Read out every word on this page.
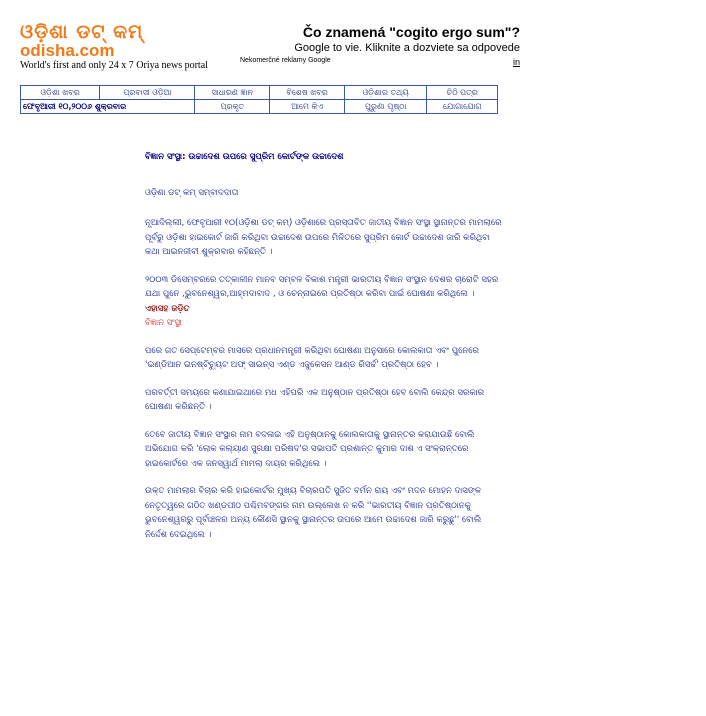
ଓଡ଼ିଶା ଡଟ୍ କମ୍
odisha.com
World's first and only 24 x 7 Oriya news portal
Čo znamená "cogito ergo sum"?
Google to vie. Kliknite a dozviete sa odpovede
Nekomerčné reklamy Google	in
ଓଡ଼ିଶା ଖବର	ପ୍ରବାସୀ ଓଡ଼ିଆ	ସାଧାରଣ ଜ୍ଞାନ	ବିଶେଷ ଖବର	ଓଡ଼ିଶାର ତଥ୍ୟ	ଚିଠି ପତ୍ର
ଫେବୃଆରୀ ୧୦,୨୦୦୬ ଶୁକ୍ରବାର		ପ୍ରକୃତ	ଆମେ କିଏ	ପୁରୁଣା ପୃଷ୍ଠା	ଯୋଗାଯୋଗ

ବିଜ୍ଞାନ ସଂସ୍ଥା: ଉଚ୍ଚାଦେଶ ଉପରେ ସୁପ୍ରିମ କୋର୍ଟଙ୍କ ଉଚ୍ଚାଦେଶ

ଓଡ଼ିଶା ଡଟ୍ କମ୍ ସମ୍ବାଦଦାତା

ନୂଆଦିଲ୍ଲୀ, ଫେବୃଆରୀ ୧୦(ଓଡ଼ିଶା ଡଟ୍ କମ୍) ଓଡ଼ିଶାରେ ପ୍ରସ୍ତାବିତ ଜାତୀୟ ବିଜ୍ଞାନ ସଂସ୍ଥା ସ୍ଥାନାନ୍ତର ମାମଲାରେ ପୂର୍ବରୁ ଓଡ଼ିଶା ହାଇକୋର୍ଟ ଜାରି କରିଥିବା ଉଚ୍ଚାଦେଶ ଉପରେ ମିଳିତରେ ସୁପ୍ରିମ କୋର୍ଟ ଉଚ୍ଚାଦେଶ ଜାରି କରିଥିବା କଥା ଆଇନଜୀବୀ ଶୁକ୍ରବାର କହିଛନ୍ତି ।

୨୦୦୩ ଡିସେମ୍ବରରେ ତତ୍କାଳୀନ ମାନବ ସମ୍ବଳ ବିକାଶ ମନ୍ତ୍ରୀ ଭାରତୀୟ ବିଜ୍ଞାନ ସଂସ୍ଥାନ ଦେଶର ଚାରୋଟି ସହର ଯଥା ପୁନେ ,ଭୁବନେଶ୍ୱର,ଆହ୍ମଦାବାଦ , ଓ ଚେନ୍ନାଇରେ ପ୍ରତିଷ୍ଠା କରିବା ପାଇଁ ଘୋଷଣା କରିଥିଲେ ।

ଏହାସହ ଜଡ଼ିତ
ବିଜ୍ଞାନ ସଂସ୍ଥା

ପରେ ଗତ ସେପ୍ଟେମ୍ବର ମାସରେ ପ୍ରଧାନମନ୍ତ୍ରୀ କରିଥିବା ଘୋଷଣା ଅନୁସାରେ କୋଲକାତା ଏବଂ ପୁନେରେ 'ଇଣ୍ଡିଆନ ଇନଷ୍ଟିଚ୍ୟୁଟ ଅଫ୍ ସାଇନ୍ସ ଏଣ୍ଡ ଏଜୁକେସନ ଆଣ୍ଡ ରିସର୍ଚ୍ଚ' ପ୍ରତିଷ୍ଠା ହେବ ।

ପରବର୍ତ୍ତୀ ସମୟରେ କଣାଯାଇଥାରେ ମଧ ଏହିପରି ଏକ ଅନୁଷ୍ଠାନ ପ୍ରତିଷ୍ଠା ହେବ ବୋଲି କେନ୍ଦ୍ର ସରକାର ଘୋଷଣା କରିଛନ୍ତି ।

ତେବେ ଜାତୀୟ ବିଜ୍ଞାନ ସଂସ୍ଥାର ନାମ ବଦଳାଇ ଏହି ଅନୁଷ୍ଠାନକୁ କୋଲକାତାକୁ ସ୍ଥାନାନ୍ତର କରାଯାଉଛି ବୋଲି ଅଭିଯୋଗ କରି 'ଲୋକ କଲ୍ୟାଣ ସୁରକ୍ଷା ପରିଷଦ'ର ସଭାପତି ପ୍ରଶାନ୍ତ କୁମାର ଦାଶ ଏ ସଂକ୍ରାନ୍ତରେ ହାଇକୋର୍ଟରେ ଏକ ଜନସ୍ୱାର୍ଥ ମାମଲା ଦାୟର କରିଥିଲେ ।

ଉକ୍ତ ମାମଲାର ବିଚାର କରି ହାଇକୋର୍ଟର ମୁଖ୍ୟ ବିଚାରପତି ସୁଜିତ ବର୍ମନ ରାୟ ଏବଂ ମଦନ ମୋହନ ଦାସଙ୍କ ନେତୃତ୍ୱରେ ଗଠିତ ଖଣ୍ଡପୀଠ ପଶ୍ଚିମବଙ୍ଗର ନାମ ଉଲ୍ଲେଖ ନ କରି ''ଭାରତୀୟ ବିଜ୍ଞାନ ପ୍ରତିଷ୍ଠାନକୁ ଭୁବନେଶ୍ୱରରୁ ପୂର୍ବାଞ୍ଚଳର ଅନ୍ୟ କୌଣସି ସ୍ଥାନକୁ ସ୍ଥାନାନ୍ତର ଉପରେ ଆମେ ଉଚ୍ଚାଦେଶ ଜାରି କରୁଛୁ'' ବୋଲି ନିର୍ଦ୍ଦେଶ ଦେଇଥିଲେ ।
